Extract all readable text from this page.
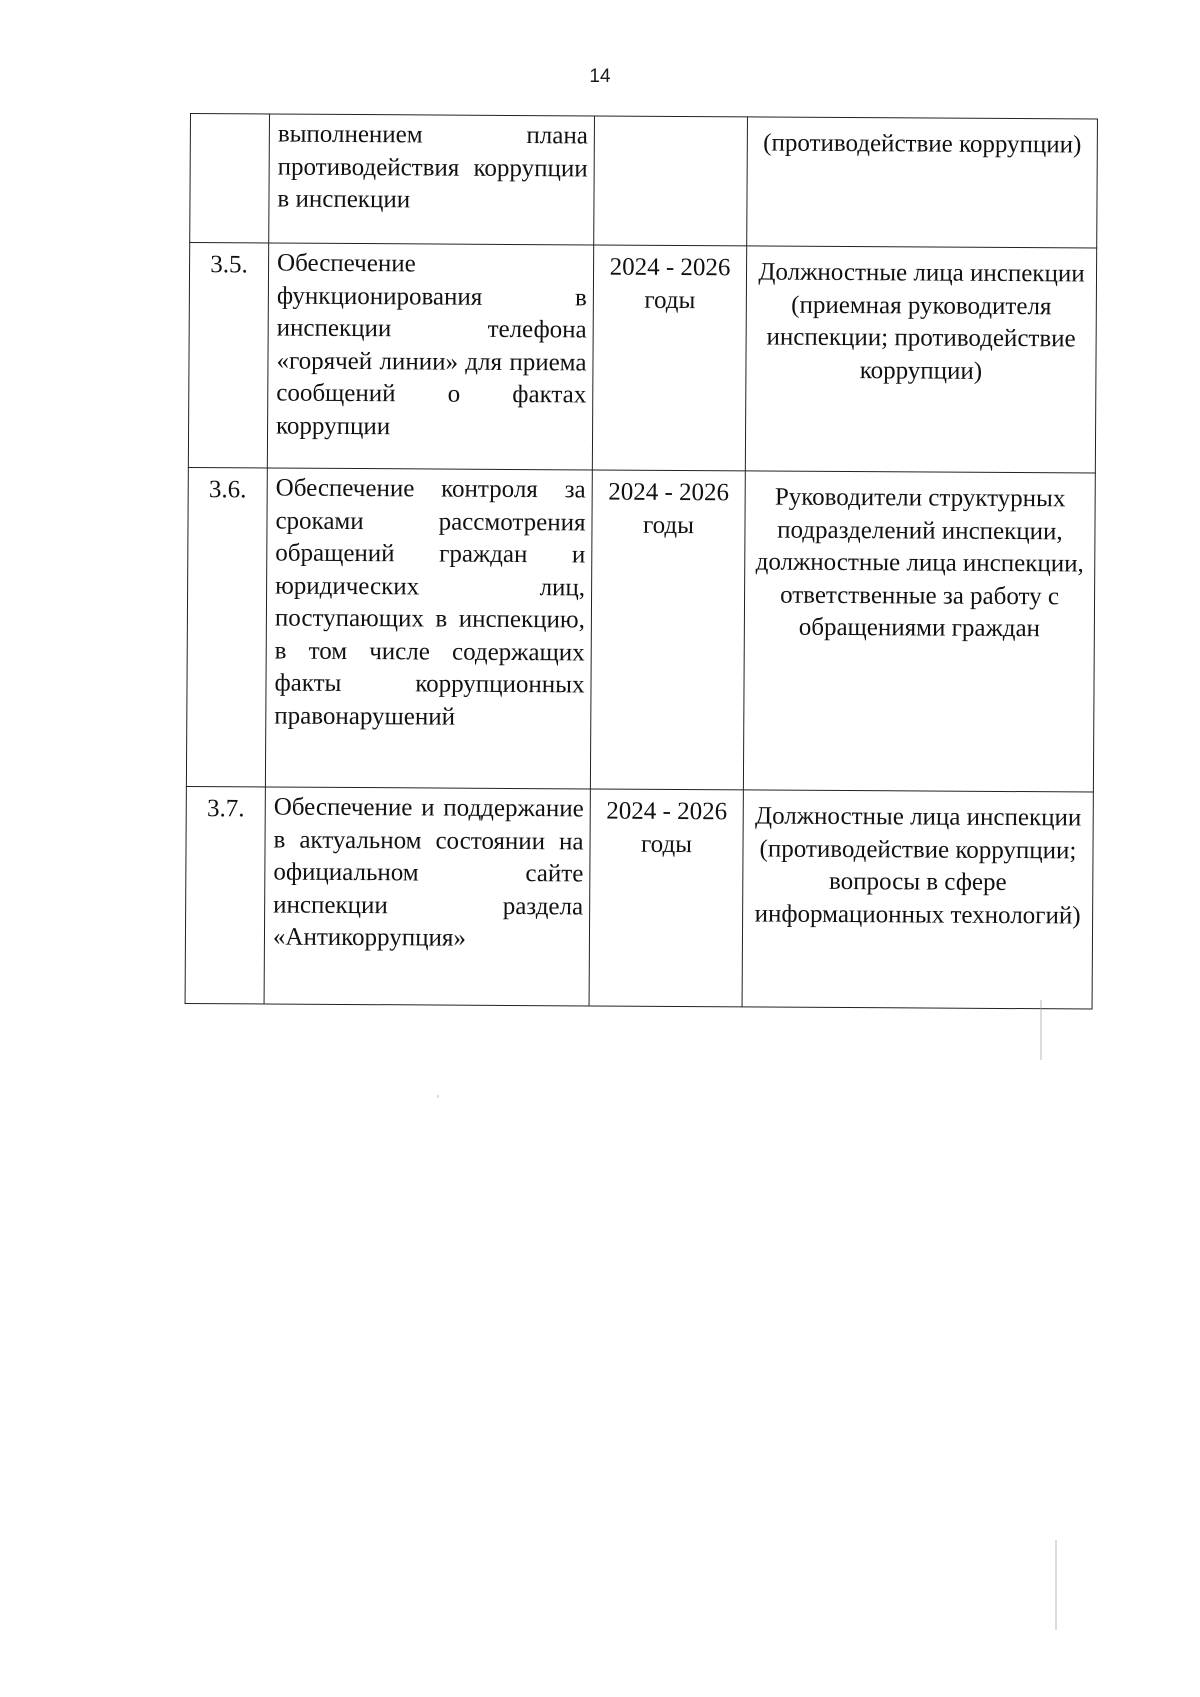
14
	выполнением плана противодействия коррупции в инспекции		(противодействие коррупции)
3.5.	Обеспечение функционирования в инспекции телефона «горячей линии» для приема сообщений о фактах коррупции	2024 - 2026 годы	Должностные лица инспекции (приемная руководителя инспекции; противодействие коррупции)
3.6.	Обеспечение контроля за сроками рассмотрения обращений граждан и юридических лиц, поступающих в инспекцию, в том числе содержащих факты коррупционных правонарушений	2024 - 2026 годы	Руководители структурных подразделений инспекции, должностные лица инспекции, ответственные за работу с обращениями граждан
3.7.	Обеспечение и поддержание в актуальном состоянии на официальном сайте инспекции раздела «Антикоррупция»	2024 - 2026 годы	Должностные лица инспекции (противодействие коррупции; вопросы в сфере информационных технологий)
